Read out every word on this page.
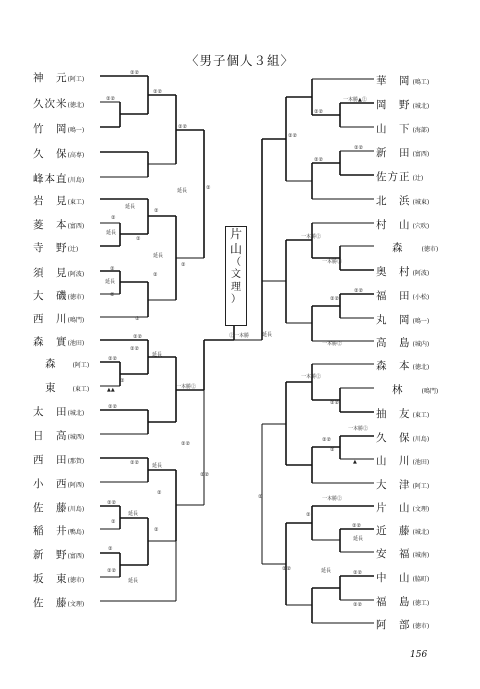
〈男子個人３組〉
神　元(阿工)
久次米(徳北)
竹　岡(鳴一)
久　保(高専)
峰本直(川島)
岩　見(東工)
菱　本(富西)
寺　野(辻)
須　見(阿波)
大　磯(徳市)
西　川(鳴門)
森　實(池田)
森　	(阿工)
東　	(東工)
太　田(城北)
日　高(城西)
西　田(那賀)
小　西(阿西)
佐　藤(川島)
稲　井(鴨島)
新　野(富西)
坂　東(徳市)
佐　藤(文理)
華　岡 (鳴工)
岡　野 (城北)
山　下 (海部)
新　田 (富西)
佐方正 (辻)
北　浜 (城東)
村　山 (穴吹)
森　	(徳市)
奥　村 (阿波)
福　田 (小松)
丸　岡 (鳴一)
高　島 (城内)
森　本 (徳北)
林　	(鳴門)
抽　友 (東工)
久　保 (川島)
山　川 (池田)
大　津 (阿工)
片　山 (文理)
近　藤 (城北)
安　福 (城南)
中　山 (脇町)
福　島 (徳工)
阿　部 (徳市)
片
山
（
文
理
）
②②
②②
②②
②②
②
延長
②
延長
②
延長
②
②
延長
②
②
②②
延長
②
②②
▲▲
②
一本勝②
②②
②②
②②
延長
②
②②	延長
②②
②
②②
②
延長
②
延長
②②
②
②一本勝	延長
一本勝▲②
②②
②②
②②
②②
一本勝②
一本勝②
②②
一本勝②
一本勝②
②②
一本勝②
②②
▲
②	一本勝②
②②
延長
②
②②
②②
延長
②②
②
②②
156
